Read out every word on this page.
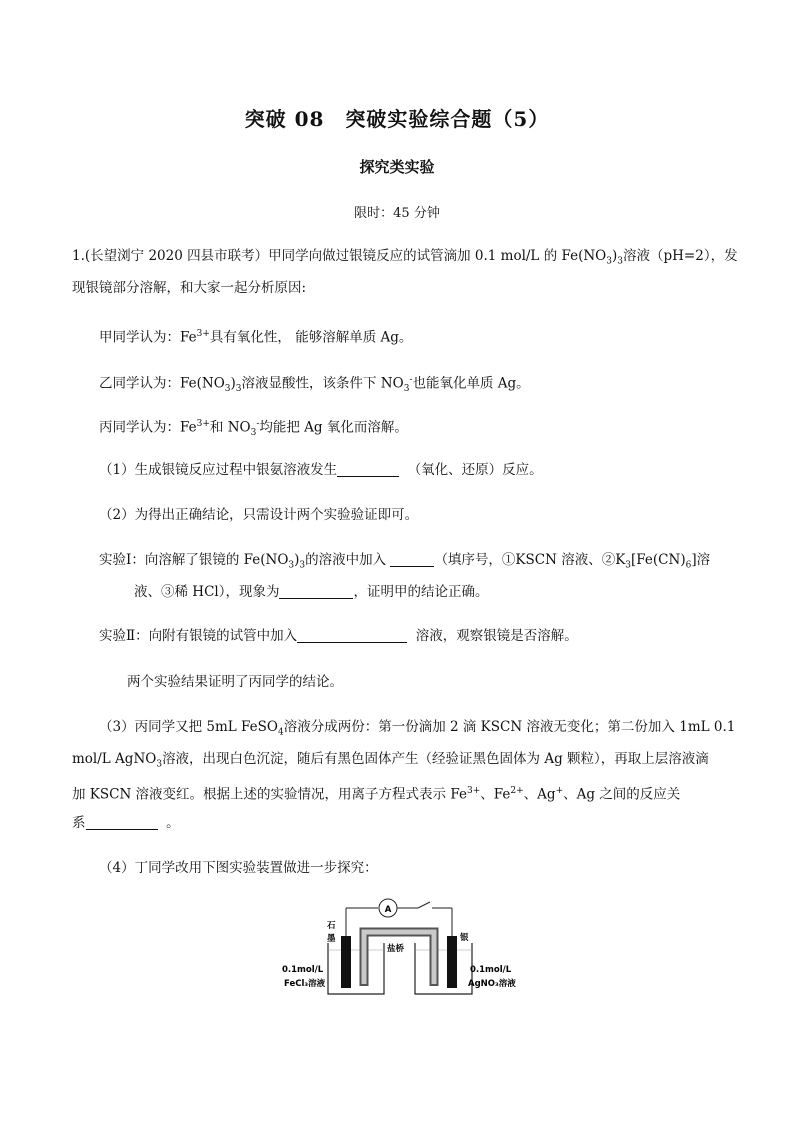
突破 08　突破实验综合题（5）
探究类实验
限时：45 分钟
1.(长望浏宁 2020 四县市联考）甲同学向做过银镜反应的试管滴加 0.1 mol/L 的 $Fe(NO_3)_3$溶液（pH=2），发
现银镜部分溶解，和大家一起分析原因:
甲同学认为：$Fe^{3+}$具有氧化性， 能够溶解单质 Ag。
乙同学认为：$Fe(NO_3)_3$溶液显酸性，该条件下 $NO_3^-$也能氧化单质 Ag。
丙同学认为：$Fe^{3+}$和 $NO_3^-$均能把 Ag 氧化而溶解。
（1）生成银镜反应过程中银氨溶液发生	（氧化、还原）反应。
（2）为得出正确结论，只需设计两个实验验证即可。
实验Ⅰ：向溶解了银镜的 $Fe(NO_3)_3$的溶液中加入	（填序号，①KSCN 溶液、$②K_3[Fe(CN)_6]$溶
液、③稀 HCl），现象为	，证明甲的结论正确。
实验Ⅱ：向附有银镜的试管中加入	溶液，观察银镜是否溶解。
两个实验结果证明了丙同学的结论。
（3）丙同学又把 5mL FeSO$_4$溶液分成两份：第一份滴加 2 滴 KSCN 溶液无变化；第二份加入 1mL 0.1
mol/L AgNO$_3$溶液，出现白色沉淀，随后有黑色固体产生（经验证黑色固体为 Ag 颗粒），再取上层溶液滴
加 KSCN 溶液变红。根据上述的实验情况，用离子方程式表示 $Fe^{3+}$、$Fe^{2+}$、Ag+、Ag 之间的反应关
系	。
（4）丁同学改用下图实验装置做进一步探究：
A
石
墨
盐桥
银
0.1mol/L
FeCl₃溶液
0.1mol/L
AgNO₃溶液
